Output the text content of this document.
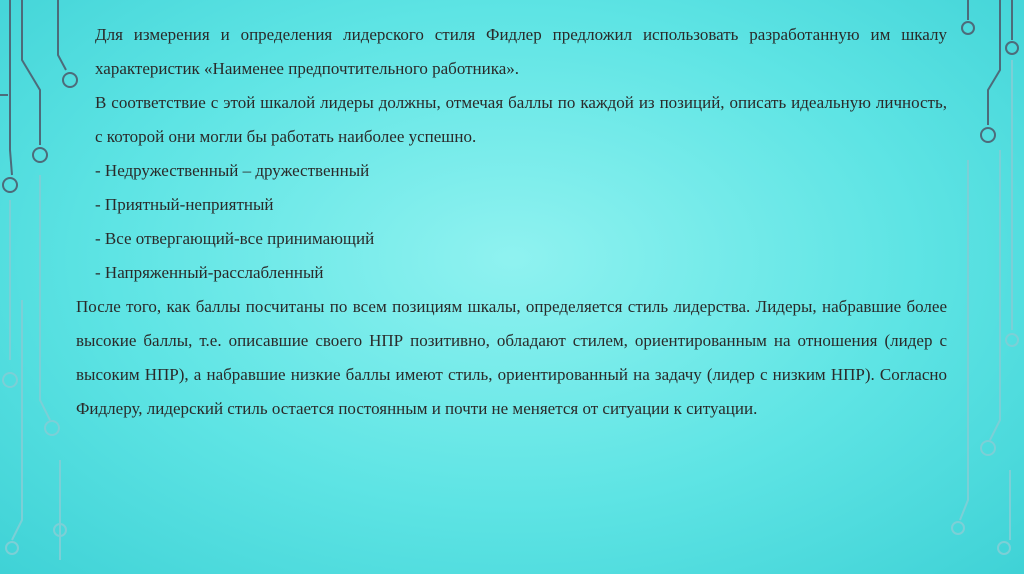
Для измерения и определения лидерского стиля Фидлер предложил использовать разработанную им шкалу характеристик «Наименее предпочтительного работника».

В соответствие с этой шкалой лидеры должны, отмечая баллы по каждой из позиций, описать идеальную личность, с которой они могли бы работать наиболее успешно.

- Недружественный – дружественный

- Приятный-неприятный

- Все отвергающий-все принимающий

- Напряженный-расслабленный

После того, как баллы посчитаны по всем позициям шкалы, определяется стиль лидерства. Лидеры, набравшие более высокие баллы, т.е. описавшие своего НПР позитивно, обладают стилем, ориентированным на отношения (лидер с высоким НПР), а набравшие низкие баллы имеют стиль, ориентированный на задачу (лидер с низким НПР). Согласно Фидлеру, лидерский стиль остается постоянным и почти не меняется от ситуации к ситуации.
